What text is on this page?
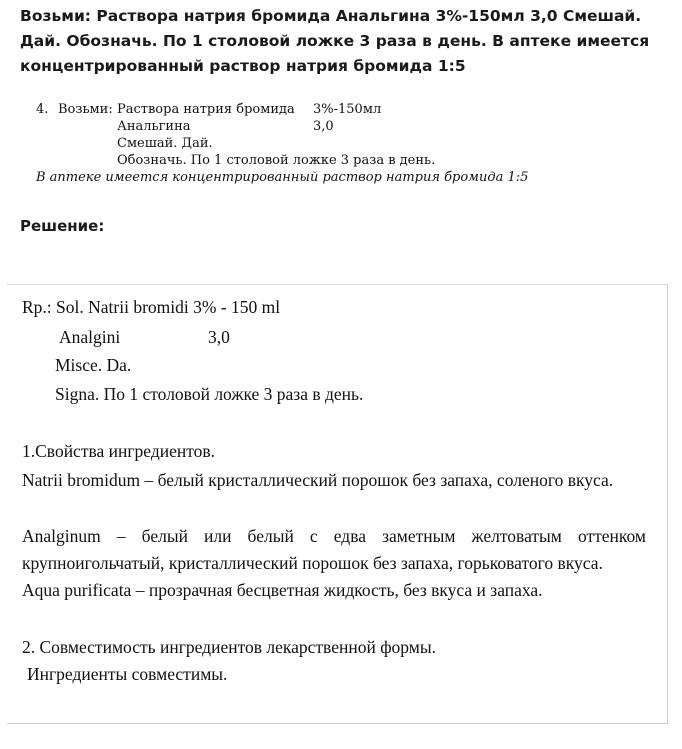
Возьми: Раствора натрия бромида Анальгина 3%-150мл 3,0 Смешай. Дай. Обозначь. По 1 столовой ложке 3 раза в день. В аптеке имеется концентрированный раствор натрия бромида 1:5

4. Возьми: Раствора натрия бромида 3%-150мл
Анальгина	3,0
Смешай. Дай.
Обозначь. По 1 столовой ложке 3 раза в день.
В аптеке имеется концентрированный раствор натрия бромида 1:5
Решение:
Rp.: Sol. Natrii bromidi 3% - 150 ml
Analgini	3,0
Misce. Da.
Signa. По 1 столовой ложке 3 раза в день.
1.Свойства ингредиентов.
Natrii bromidum – белый кристаллический порошок без запаха, соленого вкуса.
Analginum – белый или белый с едва заметным желтоватым оттенком крупноигольчатый, кристаллический порошок без запаха, горьковатого вкуса.
Aqua purificata – прозрачная бесцветная жидкость, без вкуса и запаха.
2. Совместимость ингредиентов лекарственной формы.
Ингредиенты совместимы.
